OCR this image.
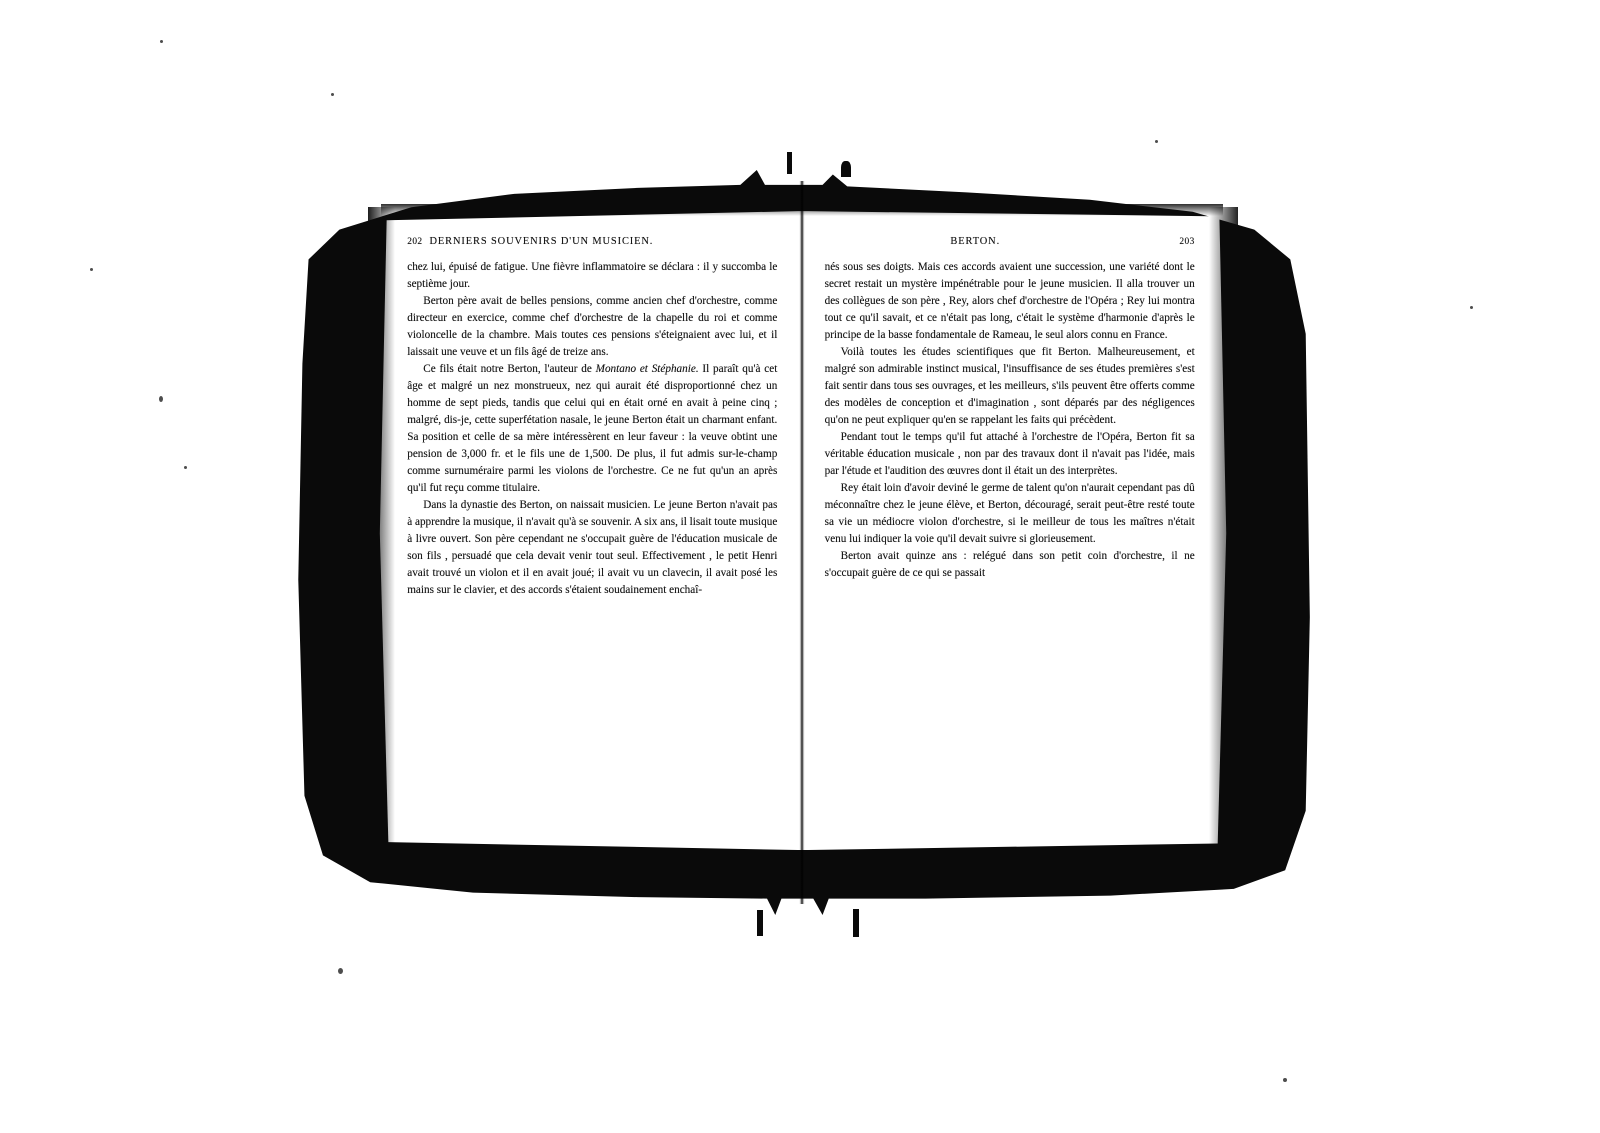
202 DERNIERS SOUVENIRS D'UN MUSICIEN.

chez lui, épuisé de fatigue. Une fièvre inflammatoire se déclara : il y succomba le septième jour.

Berton père avait de belles pensions, comme ancien chef d'orchestre, comme directeur en exercice, comme chef d'orchestre de la chapelle du roi et comme violoncelle de la chambre. Mais toutes ces pensions s'éteignaient avec lui, et il laissait une veuve et un fils âgé de treize ans.

Ce fils était notre Berton, l'auteur de Montano et Stéphanie. Il paraît qu'à cet âge et malgré un nez monstrueux, nez qui aurait été disproportionné chez un homme de sept pieds, tandis que celui qui en était orné en avait à peine cinq ; malgré, dis-je, cette superfétation nasale, le jeune Berton était un charmant enfant. Sa position et celle de sa mère intéressèrent en leur faveur : la veuve obtint une pension de 3,000 fr. et le fils une de 1,500. De plus, il fut admis sur-le-champ comme surnuméraire parmi les violons de l'orchestre. Ce ne fut qu'un an après qu'il fut reçu comme titulaire.

Dans la dynastie des Berton, on naissait musicien. Le jeune Berton n'avait pas à apprendre la musique, il n'avait qu'à se souvenir. A six ans, il lisait toute musique à livre ouvert. Son père cependant ne s'occupait guère de l'éducation musicale de son fils , persuadé que cela devait venir tout seul. Effectivement , le petit Henri avait trouvé un violon et il en avait joué; il avait vu un clavecin, il avait posé les mains sur le clavier, et des accords s'étaient soudainement enchaî-

BERTON.	203

nés sous ses doigts. Mais ces accords avaient une succession, une variété dont le secret restait un mystère impénétrable pour le jeune musicien. Il alla trouver un des collègues de son père , Rey, alors chef d'orchestre de l'Opéra ; Rey lui montra tout ce qu'il savait, et ce n'était pas long, c'était le système d'harmonie d'après le principe de la basse fondamentale de Rameau, le seul alors connu en France.

Voilà toutes les études scientifiques que fit Berton. Malheureusement, et malgré son admirable instinct musical, l'insuffisance de ses études premières s'est fait sentir dans tous ses ouvrages, et les meilleurs, s'ils peuvent être offerts comme des modèles de conception et d'imagination , sont déparés par des négligences qu'on ne peut expliquer qu'en se rappelant les faits qui précèdent.

Pendant tout le temps qu'il fut attaché à l'orchestre de l'Opéra, Berton fit sa véritable éducation musicale , non par des travaux dont il n'avait pas l'idée, mais par l'étude et l'audition des œuvres dont il était un des interprètes.

Rey était loin d'avoir deviné le germe de talent qu'on n'aurait cependant pas dû méconnaître chez le jeune élève, et Berton, découragé, serait peut-être resté toute sa vie un médiocre violon d'orchestre, si le meilleur de tous les maîtres n'était venu lui indiquer la voie qu'il devait suivre si glorieusement.

Berton avait quinze ans : relégué dans son petit coin d'orchestre, il ne s'occupait guère de ce qui se passait
